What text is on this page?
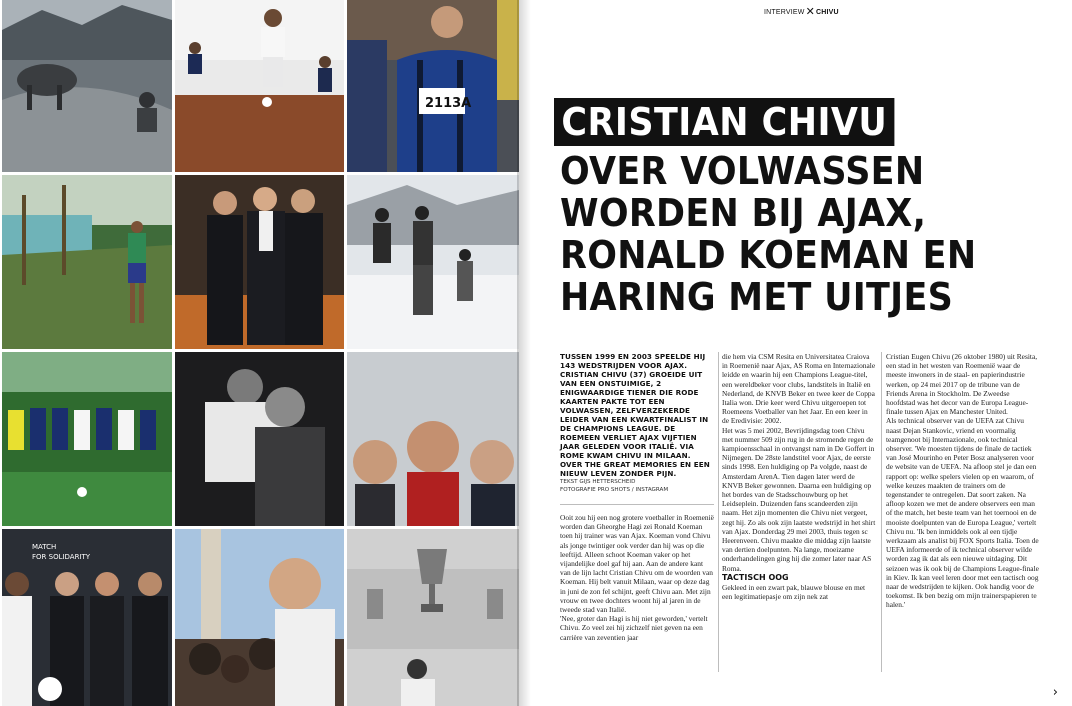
2113A
MATCH
FOR SOLIDARITY
INTERVIEW✕CHIVU
CRISTIAN CHIVU
OVER VOLWASSEN
WORDEN BIJ AJAX,
RONALD KOEMAN EN
HARING MET UITJES

TUSSEN 1999 EN 2003 SPEELDE HIJ 143 WEDSTRIJDEN VOOR AJAX. CRISTIAN CHIVU (37) GROEIDE UIT VAN EEN ONSTUIMIGE, 2 ENIGWAARDIGE TIENER DIE RODE KAARTEN PAKTE TOT EEN VOLWASSEN, ZELFVERZEKERDE LEIDER VAN EEN KWARTFINALIST IN DE CHAMPIONS LEAGUE. DE ROEMEEN VERLIET AJAX VIJFTIEN JAAR GELEDEN VOOR ITALIË. VIA ROME KWAM CHIVU IN MILAAN. OVER THE GREAT MEMORIES EN EEN NIEUW LEVEN ZONDER PIJN.

TEKST GIJS HETTERSCHEID

FOTOGRAFIE PRO SHOTS / INSTAGRAM

Ooit zou hij een nog grotere voetballer in Roemenië worden dan Gheorghe Hagi zei Ronald Koeman toen hij trainer was van Ajax. Koeman vond Chivu als jonge twintiger ook verder dan hij was op die leeftijd. Alleen schoot Koeman vaker op het vijandelijke doel gaf hij aan. Aan de andere kant van de lijn lacht Cristian Chivu om de woorden van Koeman. Hij belt vanuit Milaan, waar op deze dag in juni de zon fel schijnt, geeft Chivu aan. Met zijn vrouw en twee dochters woont hij al jaren in de tweede stad van Italië.

'Nee, groter dan Hagi is hij niet geworden,' vertelt Chivu. Zo veel zei hij zichzelf niet geven na een carrière van zeventien jaar

die hem via CSM Resita en Universitatea Craiova in Roemenië naar Ajax, AS Roma en Internazionale leidde en waarin hij een Champions League-titel, een wereldbeker voor clubs, landstitels in Italië en Nederland, de KNVB Beker en twee keer de Coppa Italia won. Drie keer werd Chivu uitgeroepen tot Roemeens Voetballer van het Jaar. En een keer in de Eredivisie: 2002.

Het was 5 mei 2002, Bevrijdingsdag toen Chivu met nummer 509 zijn rug in de stromende regen de kampioensschaal in ontvangst nam in De Goffert in Nijmegen. De 28ste landstitel voor Ajax, de eerste sinds 1998. Een huldiging op Pa volgde, naast de Amsterdam ArenA. Tien dagen later werd de KNVB Beker gewonnen. Daarna een huldiging op het bordes van de Stadsschouwburg op het Leidseplein. Duizenden fans scandeerden zijn naam. Het zijn momenten die Chivu niet vergeet, zegt hij. Zo als ook zijn laatste wedstrijd in het shirt van Ajax. Donderdag 29 mei 2003, thuis tegen sc Heerenveen. Chivu maakte die middag zijn laatste van dertien doelpunten. Na lange, moeizame onderhandelingen ging hij die zomer later naar AS Roma.

TACTISCH OOG

Gekleed in een zwart pak, blauwe blouse en met een legitimatiepasje om zijn nek zat

Cristian Eugen Chivu (26 oktober 1980) uit Resita, een stad in het westen van Roemenië waar de meeste inwoners in de staal- en papierindustrie werken, op 24 mei 2017 op de tribune van de Friends Arena in Stockholm. De Zweedse hoofdstad was het decor van de Europa League-finale tussen Ajax en Manchester United.

Als technical observer van de UEFA zat Chivu naast Dejan Stankovic, vriend en voormalig teamgenoot bij Internazionale, ook technical observer. 'We moesten tijdens de finale de tactiek van José Mourinho en Peter Bosz analyseren voor de website van de UEFA. Na afloop stel je dan een rapport op: welke spelers vielen op en waarom, of welke keuzes maakten de trainers om de tegenstander te ontregelen. Dat soort zaken. Na afloop kozen we met de andere observers een man of the match, het beste team van het toernooi en de mooiste doelpunten van de Europa League,' vertelt Chivu nu. 'Ik ben inmiddels ook al een tijdje werkzaam als analist bij FOX Sports Italia. Toen de UEFA informeerde of ik technical observer wilde worden zag ik dat als een nieuwe uitdaging. Dit seizoen was ik ook bij de Champions League-finale in Kiev. Ik kan veel leren door met een tactisch oog naar de wedstrijden te kijken. Ook handig voor de toekomst. Ik ben bezig om mijn trainerspapieren te halen.'

›
